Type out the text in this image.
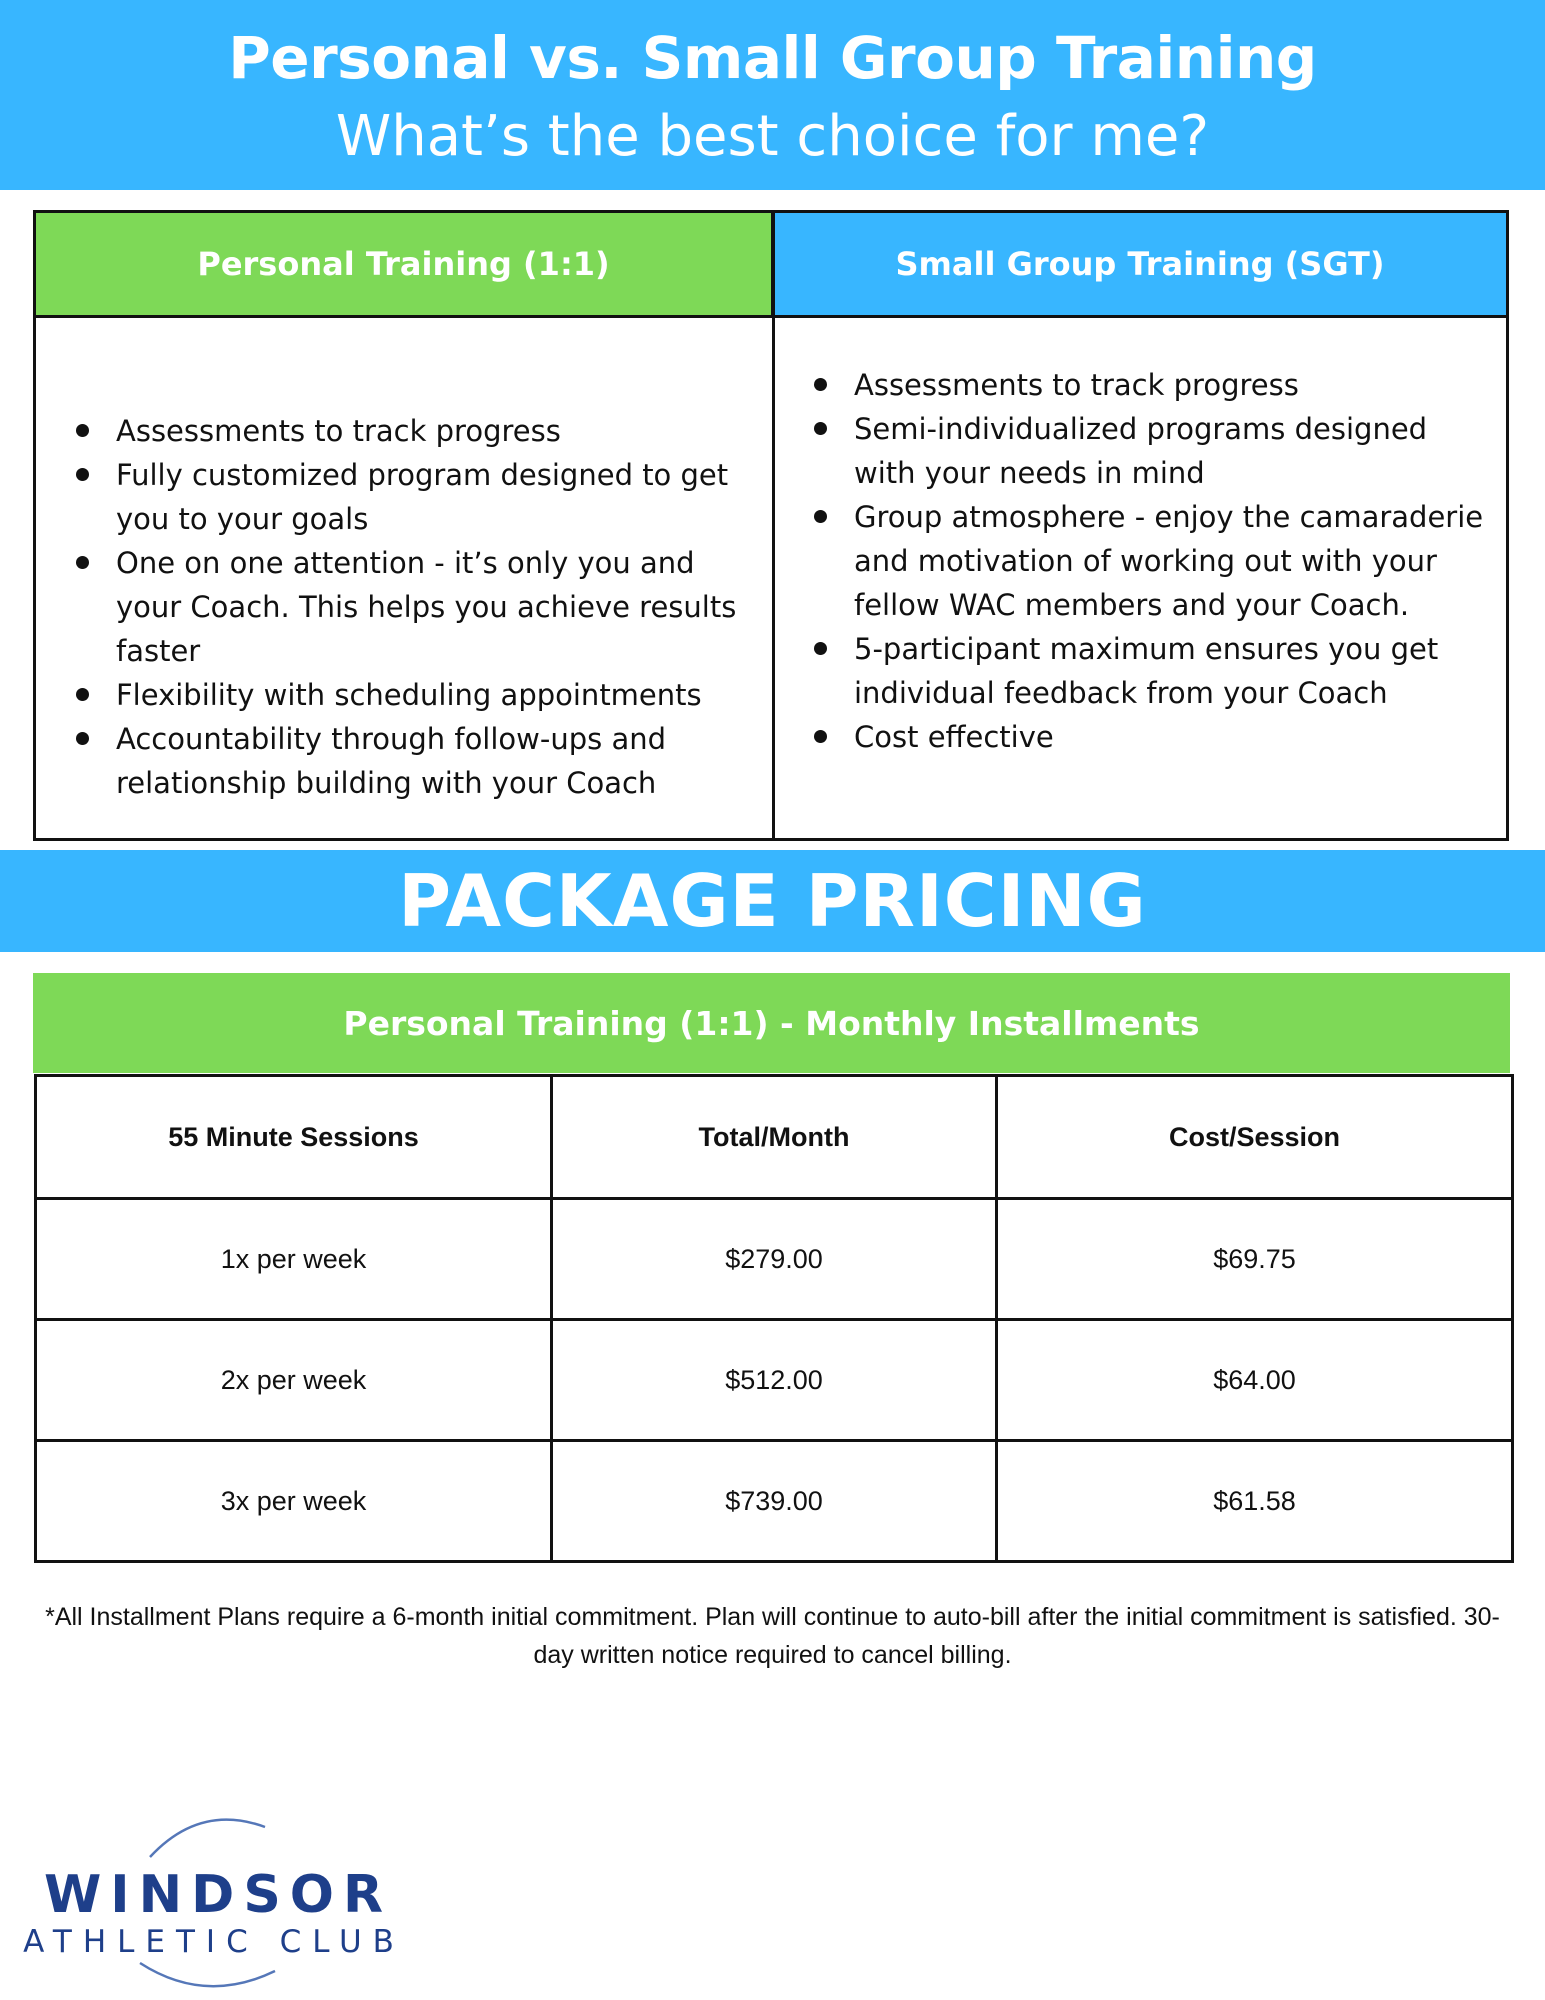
Personal vs. Small Group Training
What’s the best choice for me?
Personal Training (1:1)	Small Group Training (SGT)
Assessments to track progress
Fully customized program designed to get you to your goals
One on one attention - it’s only you and your Coach. This helps you achieve results faster
Flexibility with scheduling appointments
Accountability through follow-ups and relationship building with your Coach
Assessments to track progress
Semi-individualized programs designed with your needs in mind
Group atmosphere - enjoy the camaraderie and motivation of working out with your fellow WAC members and your Coach.
5-participant maximum ensures you get individual feedback from your Coach
Cost effective
PACKAGE PRICING
Personal Training (1:1) - Monthly Installments
55 Minute Sessions	Total/Month	Cost/Session
1x per week	$279.00	$69.75
2x per week	$512.00	$64.00
3x per week	$739.00	$61.58
*All Installment Plans require a 6-month initial commitment. Plan will continue to auto-bill after the initial commitment is satisfied. 30-day written notice required to cancel billing.
WINDSOR
ATHLETIC CLUB
